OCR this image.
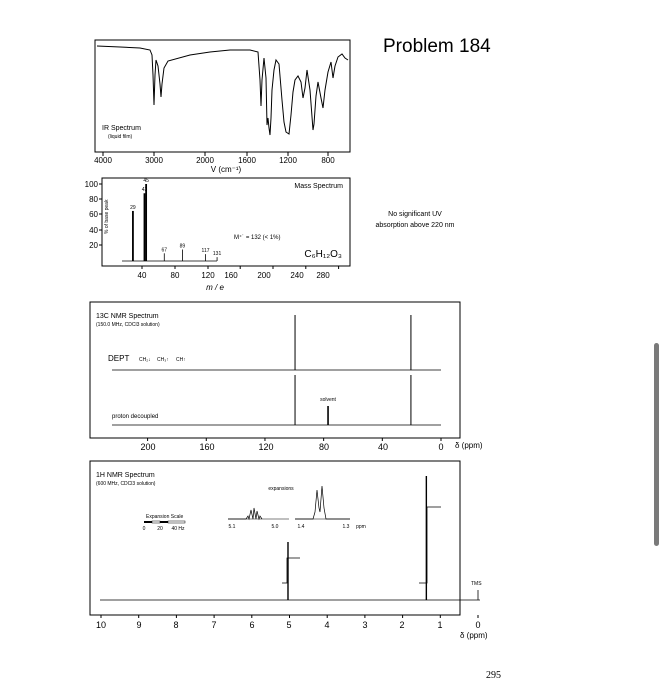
Problem 184
No significant UV
absorption above 220 nm
295
4000	3000	2000	1600	1200	800
V (cm⁻¹)
IR Spectrum
(liquid film)
100
80
60
40
20
% of base peak	29
43
45
67
89
117
131
40	80	120 160 200 240 280
m / e
Mass Spectrum
M⁺˙ = 132 (< 1%)
C₆H₁₂O₃
13C NMR Spectrum
(150.0 MHz, CDCl3 solution)
DEPT CH₂↓ CH₃↑ CH↑
solvent
proton decoupled
200	160	120	80	40	0 δ (ppm)
1H NMR Spectrum
(600 MHz, CDCl3 solution)
TMS
Expansion Scale
0 20 40 Hz
expansions
5.1	5.0	1.4	1.3 ppm
10	9	8	7	6	5	4	3	2	1	0
δ (ppm)
